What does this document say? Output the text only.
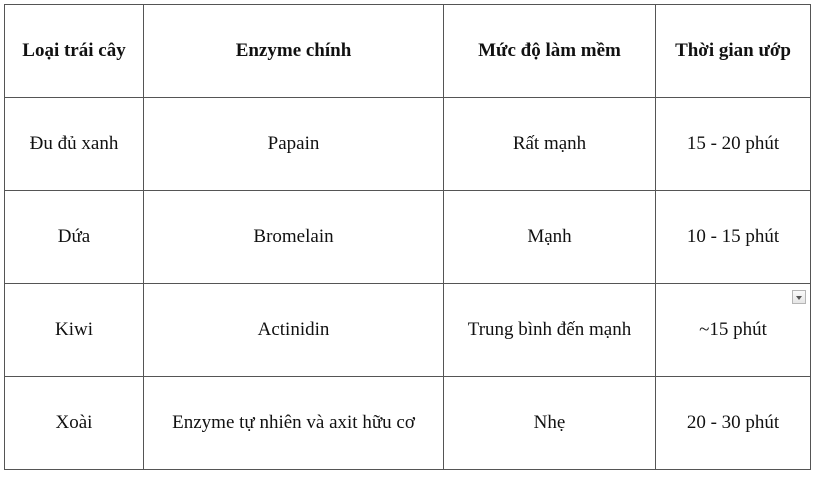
Loại trái cây	Enzyme chính	Mức độ làm mềm	Thời gian ướp
Đu đủ xanh	Papain	Rất mạnh	15 - 20 phút
Dứa	Bromelain	Mạnh	10 - 15 phút
Kiwi	Actinidin	Trung bình đến mạnh	~15 phút

Xoài	Enzyme tự nhiên và axit hữu cơ	Nhẹ	20 - 30 phút
